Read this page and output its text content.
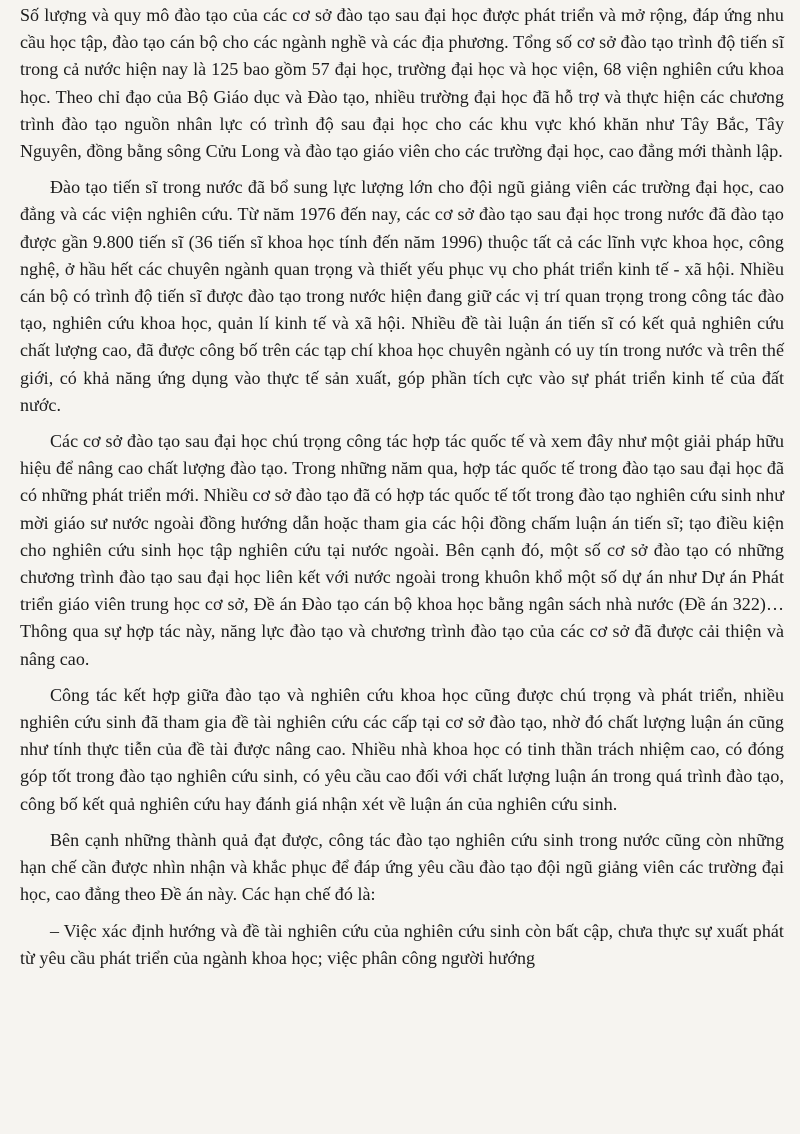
Số lượng và quy mô đào tạo của các cơ sở đào tạo sau đại học được phát triển và mở rộng, đáp ứng nhu cầu học tập, đào tạo cán bộ cho các ngành nghề và các địa phương. Tổng số cơ sở đào tạo trình độ tiến sĩ trong cả nước hiện nay là 125 bao gồm 57 đại học, trường đại học và học viện, 68 viện nghiên cứu khoa học. Theo chỉ đạo của Bộ Giáo dục và Đào tạo, nhiều trường đại học đã hỗ trợ và thực hiện các chương trình đào tạo nguồn nhân lực có trình độ sau đại học cho các khu vực khó khăn như Tây Bắc, Tây Nguyên, đồng bằng sông Cửu Long và đào tạo giáo viên cho các trường đại học, cao đẳng mới thành lập.

Đào tạo tiến sĩ trong nước đã bổ sung lực lượng lớn cho đội ngũ giảng viên các trường đại học, cao đẳng và các viện nghiên cứu. Từ năm 1976 đến nay, các cơ sở đào tạo sau đại học trong nước đã đào tạo được gần 9.800 tiến sĩ (36 tiến sĩ khoa học tính đến năm 1996) thuộc tất cả các lĩnh vực khoa học, công nghệ, ở hầu hết các chuyên ngành quan trọng và thiết yếu phục vụ cho phát triển kinh tế - xã hội. Nhiều cán bộ có trình độ tiến sĩ được đào tạo trong nước hiện đang giữ các vị trí quan trọng trong công tác đào tạo, nghiên cứu khoa học, quản lí kinh tế và xã hội. Nhiều đề tài luận án tiến sĩ có kết quả nghiên cứu chất lượng cao, đã được công bố trên các tạp chí khoa học chuyên ngành có uy tín trong nước và trên thế giới, có khả năng ứng dụng vào thực tế sản xuất, góp phần tích cực vào sự phát triển kinh tế của đất nước.

Các cơ sở đào tạo sau đại học chú trọng công tác hợp tác quốc tế và xem đây như một giải pháp hữu hiệu để nâng cao chất lượng đào tạo. Trong những năm qua, hợp tác quốc tế trong đào tạo sau đại học đã có những phát triển mới. Nhiều cơ sở đào tạo đã có hợp tác quốc tế tốt trong đào tạo nghiên cứu sinh như mời giáo sư nước ngoài đồng hướng dẫn hoặc tham gia các hội đồng chấm luận án tiến sĩ; tạo điều kiện cho nghiên cứu sinh học tập nghiên cứu tại nước ngoài. Bên cạnh đó, một số cơ sở đào tạo có những chương trình đào tạo sau đại học liên kết với nước ngoài trong khuôn khổ một số dự án như Dự án Phát triển giáo viên trung học cơ sở, Đề án Đào tạo cán bộ khoa học bằng ngân sách nhà nước (Đề án 322)… Thông qua sự hợp tác này, năng lực đào tạo và chương trình đào tạo của các cơ sở đã được cải thiện và nâng cao.

Công tác kết hợp giữa đào tạo và nghiên cứu khoa học cũng được chú trọng và phát triển, nhiều nghiên cứu sinh đã tham gia đề tài nghiên cứu các cấp tại cơ sở đào tạo, nhờ đó chất lượng luận án cũng như tính thực tiễn của đề tài được nâng cao. Nhiều nhà khoa học có tinh thần trách nhiệm cao, có đóng góp tốt trong đào tạo nghiên cứu sinh, có yêu cầu cao đối với chất lượng luận án trong quá trình đào tạo, công bố kết quả nghiên cứu hay đánh giá nhận xét về luận án của nghiên cứu sinh.

Bên cạnh những thành quả đạt được, công tác đào tạo nghiên cứu sinh trong nước cũng còn những hạn chế cần được nhìn nhận và khắc phục để đáp ứng yêu cầu đào tạo đội ngũ giảng viên các trường đại học, cao đẳng theo Đề án này. Các hạn chế đó là:

– Việc xác định hướng và đề tài nghiên cứu của nghiên cứu sinh còn bất cập, chưa thực sự xuất phát từ yêu cầu phát triển của ngành khoa học; việc phân công người hướng
